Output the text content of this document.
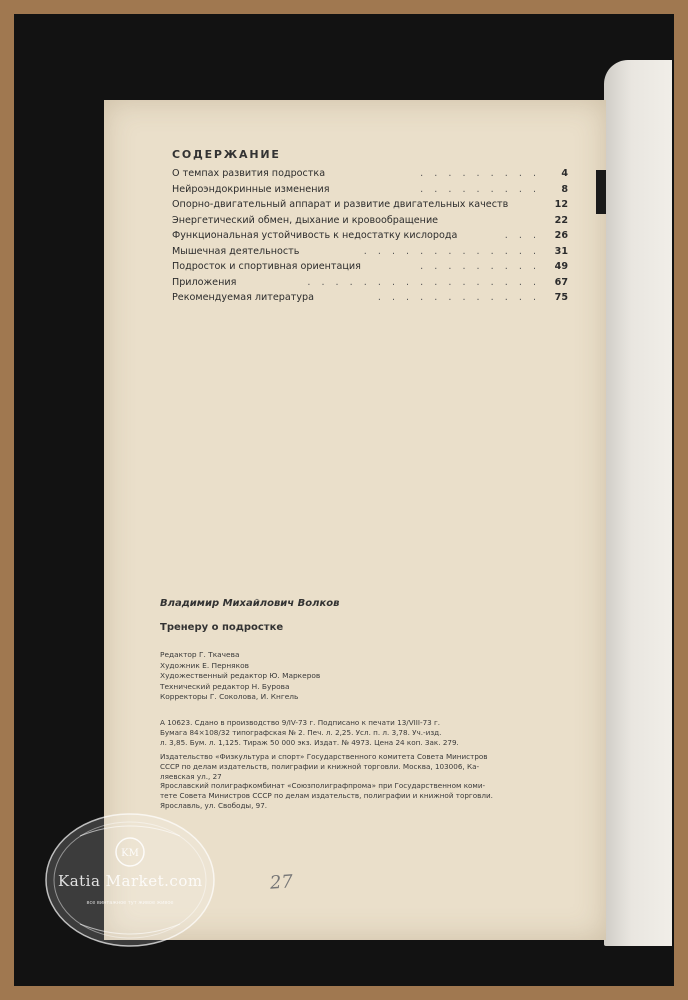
СОДЕРЖАНИЕ
. . . . . . . . .
О темпах развития подростка	4
. . . . . . . . .
Нейроэндокринные изменения	8
Опорно-двигательный аппарат и развитие двигательных качеств	12
Энергетический обмен, дыхание и кровообращение	22
. . .
Функциональная устойчивость к недостатку кислорода	26
. . . . . . . . . . . . .
Мышечная деятельность	31
. . . . . . . . .
Подросток и спортивная ориентация	49
. . . . . . . . . . . . . . . . .
Приложения	67
. . . . . . . . . . . .
Рекомендуемая литература	75
Владимир Михайлович Волков
Тренеру о подростке
Редактор Г. Ткачева
Художник Е. Перняков
Художественный редактор Ю. Маркеров
Технический редактор Н. Бурова
Корректоры Г. Соколова, И. Кнгель
А 10623. Сдано в производство 9/IV-73 г. Подписано к печати 13/VIII-73 г.
Бумага 84×108/32 типографская № 2. Печ. л. 2,25. Усл. п. л. 3,78. Уч.-изд.
л. 3,85. Бум. л. 1,125. Тираж 50 000 экз. Издат. № 4973. Цена 24 коп. Зак. 279.
Издательство «Физкультура и спорт» Государственного комитета Совета Министров
СССР по делам издательств, полиграфии и книжной торговли. Москва, 103006, Ка-
ляевская ул., 27
Ярославский полиграфкомбинат «Союзполиграфпрома» при Государственном коми-
тете Совета Министров СССР по делам издательств, полиграфии и книжной торговли.
Ярославль, ул. Свободы, 97.
27
KM
все винтажное тут живое живое
Katia Market.com
